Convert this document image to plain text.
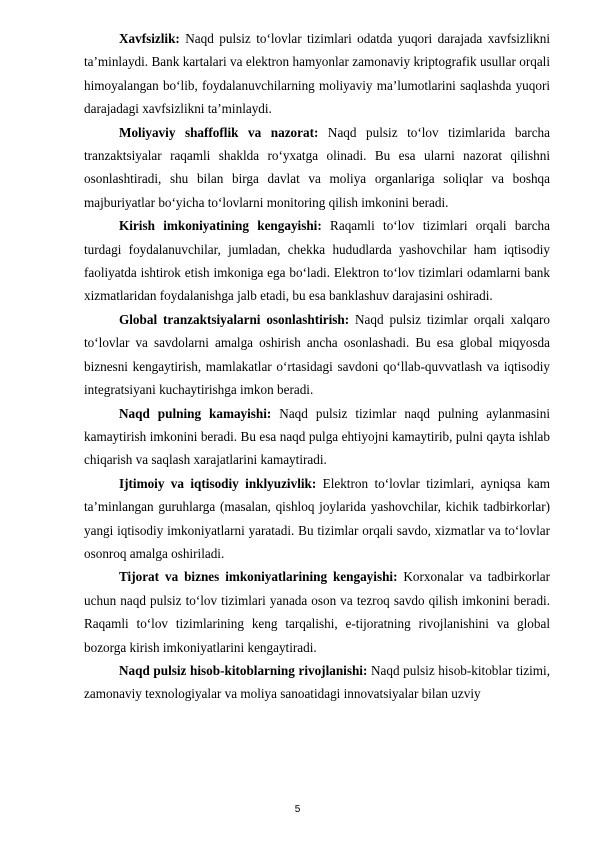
Xavfsizlik: Naqd pulsiz to‘lovlar tizimlari odatda yuqori darajada xavfsizlikni ta’minlaydi. Bank kartalari va elektron hamyonlar zamonaviy kriptografik usullar orqali himoyalangan bo‘lib, foydalanuvchilarning moliyaviy ma’lumotlarini saqlashda yuqori darajadagi xavfsizlikni ta’minlaydi.

Moliyaviy shaffoflik va nazorat: Naqd pulsiz to‘lov tizimlarida barcha tranzaktsiyalar raqamli shaklda ro‘yxatga olinadi. Bu esa ularni nazorat qilishni osonlashtiradi, shu bilan birga davlat va moliya organlariga soliqlar va boshqa majburiyatlar bo‘yicha to‘lovlarni monitoring qilish imkonini beradi.

Kirish imkoniyatining kengayishi: Raqamli to‘lov tizimlari orqali barcha turdagi foydalanuvchilar, jumladan, chekka hududlarda yashovchilar ham iqtisodiy faoliyatda ishtirok etish imkoniga ega bo‘ladi. Elektron to‘lov tizimlari odamlarni bank xizmatlaridan foydalanishga jalb etadi, bu esa banklashuv darajasini oshiradi.

Global tranzaktsiyalarni osonlashtirish: Naqd pulsiz tizimlar orqali xalqaro to‘lovlar va savdolarni amalga oshirish ancha osonlashadi. Bu esa global miqyosda biznesni kengaytirish, mamlakatlar o‘rtasidagi savdoni qo‘llab-quvvatlash va iqtisodiy integratsiyani kuchaytirishga imkon beradi.

Naqd pulning kamayishi: Naqd pulsiz tizimlar naqd pulning aylanmasini kamaytirish imkonini beradi. Bu esa naqd pulga ehtiyojni kamaytirib, pulni qayta ishlab chiqarish va saqlash xarajatlarini kamaytiradi.

Ijtimoiy va iqtisodiy inklyuzivlik: Elektron to‘lovlar tizimlari, ayniqsa kam ta’minlangan guruhlarga (masalan, qishloq joylarida yashovchilar, kichik tadbirkorlar) yangi iqtisodiy imkoniyatlarni yaratadi. Bu tizimlar orqali savdo, xizmatlar va to‘lovlar osonroq amalga oshiriladi.

Tijorat va biznes imkoniyatlarining kengayishi: Korxonalar va tadbirkorlar uchun naqd pulsiz to‘lov tizimlari yanada oson va tezroq savdo qilish imkonini beradi. Raqamli to‘lov tizimlarining keng tarqalishi, e-tijoratning rivojlanishini va global bozorga kirish imkoniyatlarini kengaytiradi.

Naqd pulsiz hisob-kitoblarning rivojlanishi: Naqd pulsiz hisob-kitoblar tizimi, zamonaviy texnologiyalar va moliya sanoatidagi innovatsiyalar bilan uzviy

5
